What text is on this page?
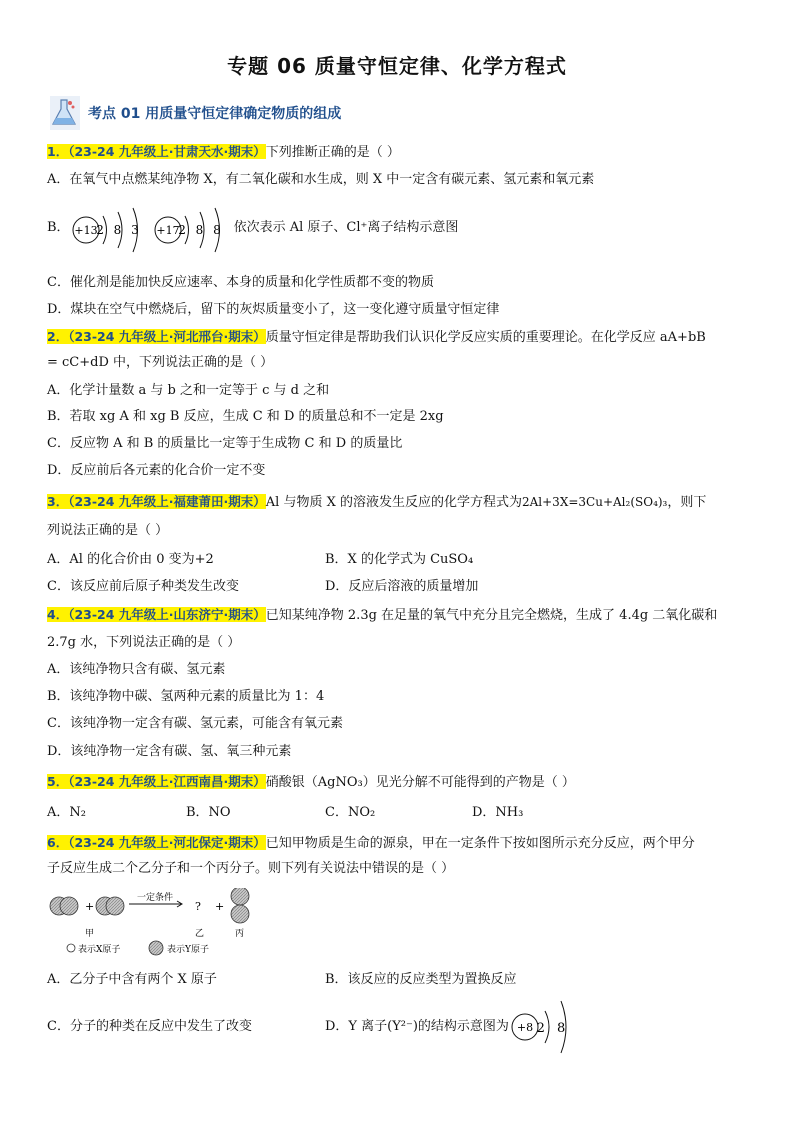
专题 06 质量守恒定律、化学方程式
考点 01 用质量守恒定律确定物质的组成
1．（23-24 九年级上·甘肃天水·期末）下列推断正确的是（ ）
A．在氧气中点燃某纯净物 X，有二氧化碳和水生成，则 X 中一定含有碳元素、氢元素和氧元素
B． +13
2 8 3 +17
2 8 8 依次表示 Al 原子、Cl⁺离子结构示意图
C．催化剂是能加快反应速率、本身的质量和化学性质都不变的物质
D．煤块在空气中燃烧后，留下的灰烬质量变小了，这一变化遵守质量守恒定律
2．（23-24 九年级上·河北邢台·期末）质量守恒定律是帮助我们认识化学反应实质的重要理论。在化学反应 aA+bB
= cC+dD 中，下列说法正确的是（ ）
A．化学计量数 a 与 b 之和一定等于 c 与 d 之和
B．若取 xg A 和 xg B 反应，生成 C 和 D 的质量总和不一定是 2xg
C．反应物 A 和 B 的质量比一定等于生成物 C 和 D 的质量比
D．反应前后各元素的化合价一定不变
3．（23-24 九年级上·福建莆田·期末）Al 与物质 X 的溶液发生反应的化学方程式为2Al+3X=3Cu+Al₂(SO₄)₃，则下
列说法正确的是（ ）
A．Al 的化合价由 0 变为+2	B．X 的化学式为 CuSO₄
C．该反应前后原子种类发生改变	D．反应后溶液的质量增加
4．（23-24 九年级上·山东济宁·期末）已知某纯净物 2.3g 在足量的氧气中充分且完全燃烧，生成了 4.4g 二氧化碳和
2.7g 水，下列说法正确的是（ ）
A．该纯净物只含有碳、氢元素
B．该纯净物中碳、氢两种元素的质量比为 1：4
C．该纯净物一定含有碳、氢元素，可能含有氧元素
D．该纯净物一定含有碳、氢、氧三种元素
5．（23-24 九年级上·江西南昌·期末）硝酸银（AgNO₃）见光分解不可能得到的产物是（ ）
A．N₂	B．NO	C．NO₂	D．NH₃
6．（23-24 九年级上·河北保定·期末）已知甲物质是生命的源泉，甲在一定条件下按如图所示充分反应，两个甲分
子反应生成二个乙分子和一个丙分子。则下列有关说法中错误的是（ ）
+
一定条件
? +
甲	乙	丙
表示X原子	表示Y原子
A．乙分子中含有两个 X 原子	B．该反应的反应类型为置换反应
C．分子的种类在反应中发生了改变	D．Y 离子(Y²⁻)的结构示意图为 +8 2 8
